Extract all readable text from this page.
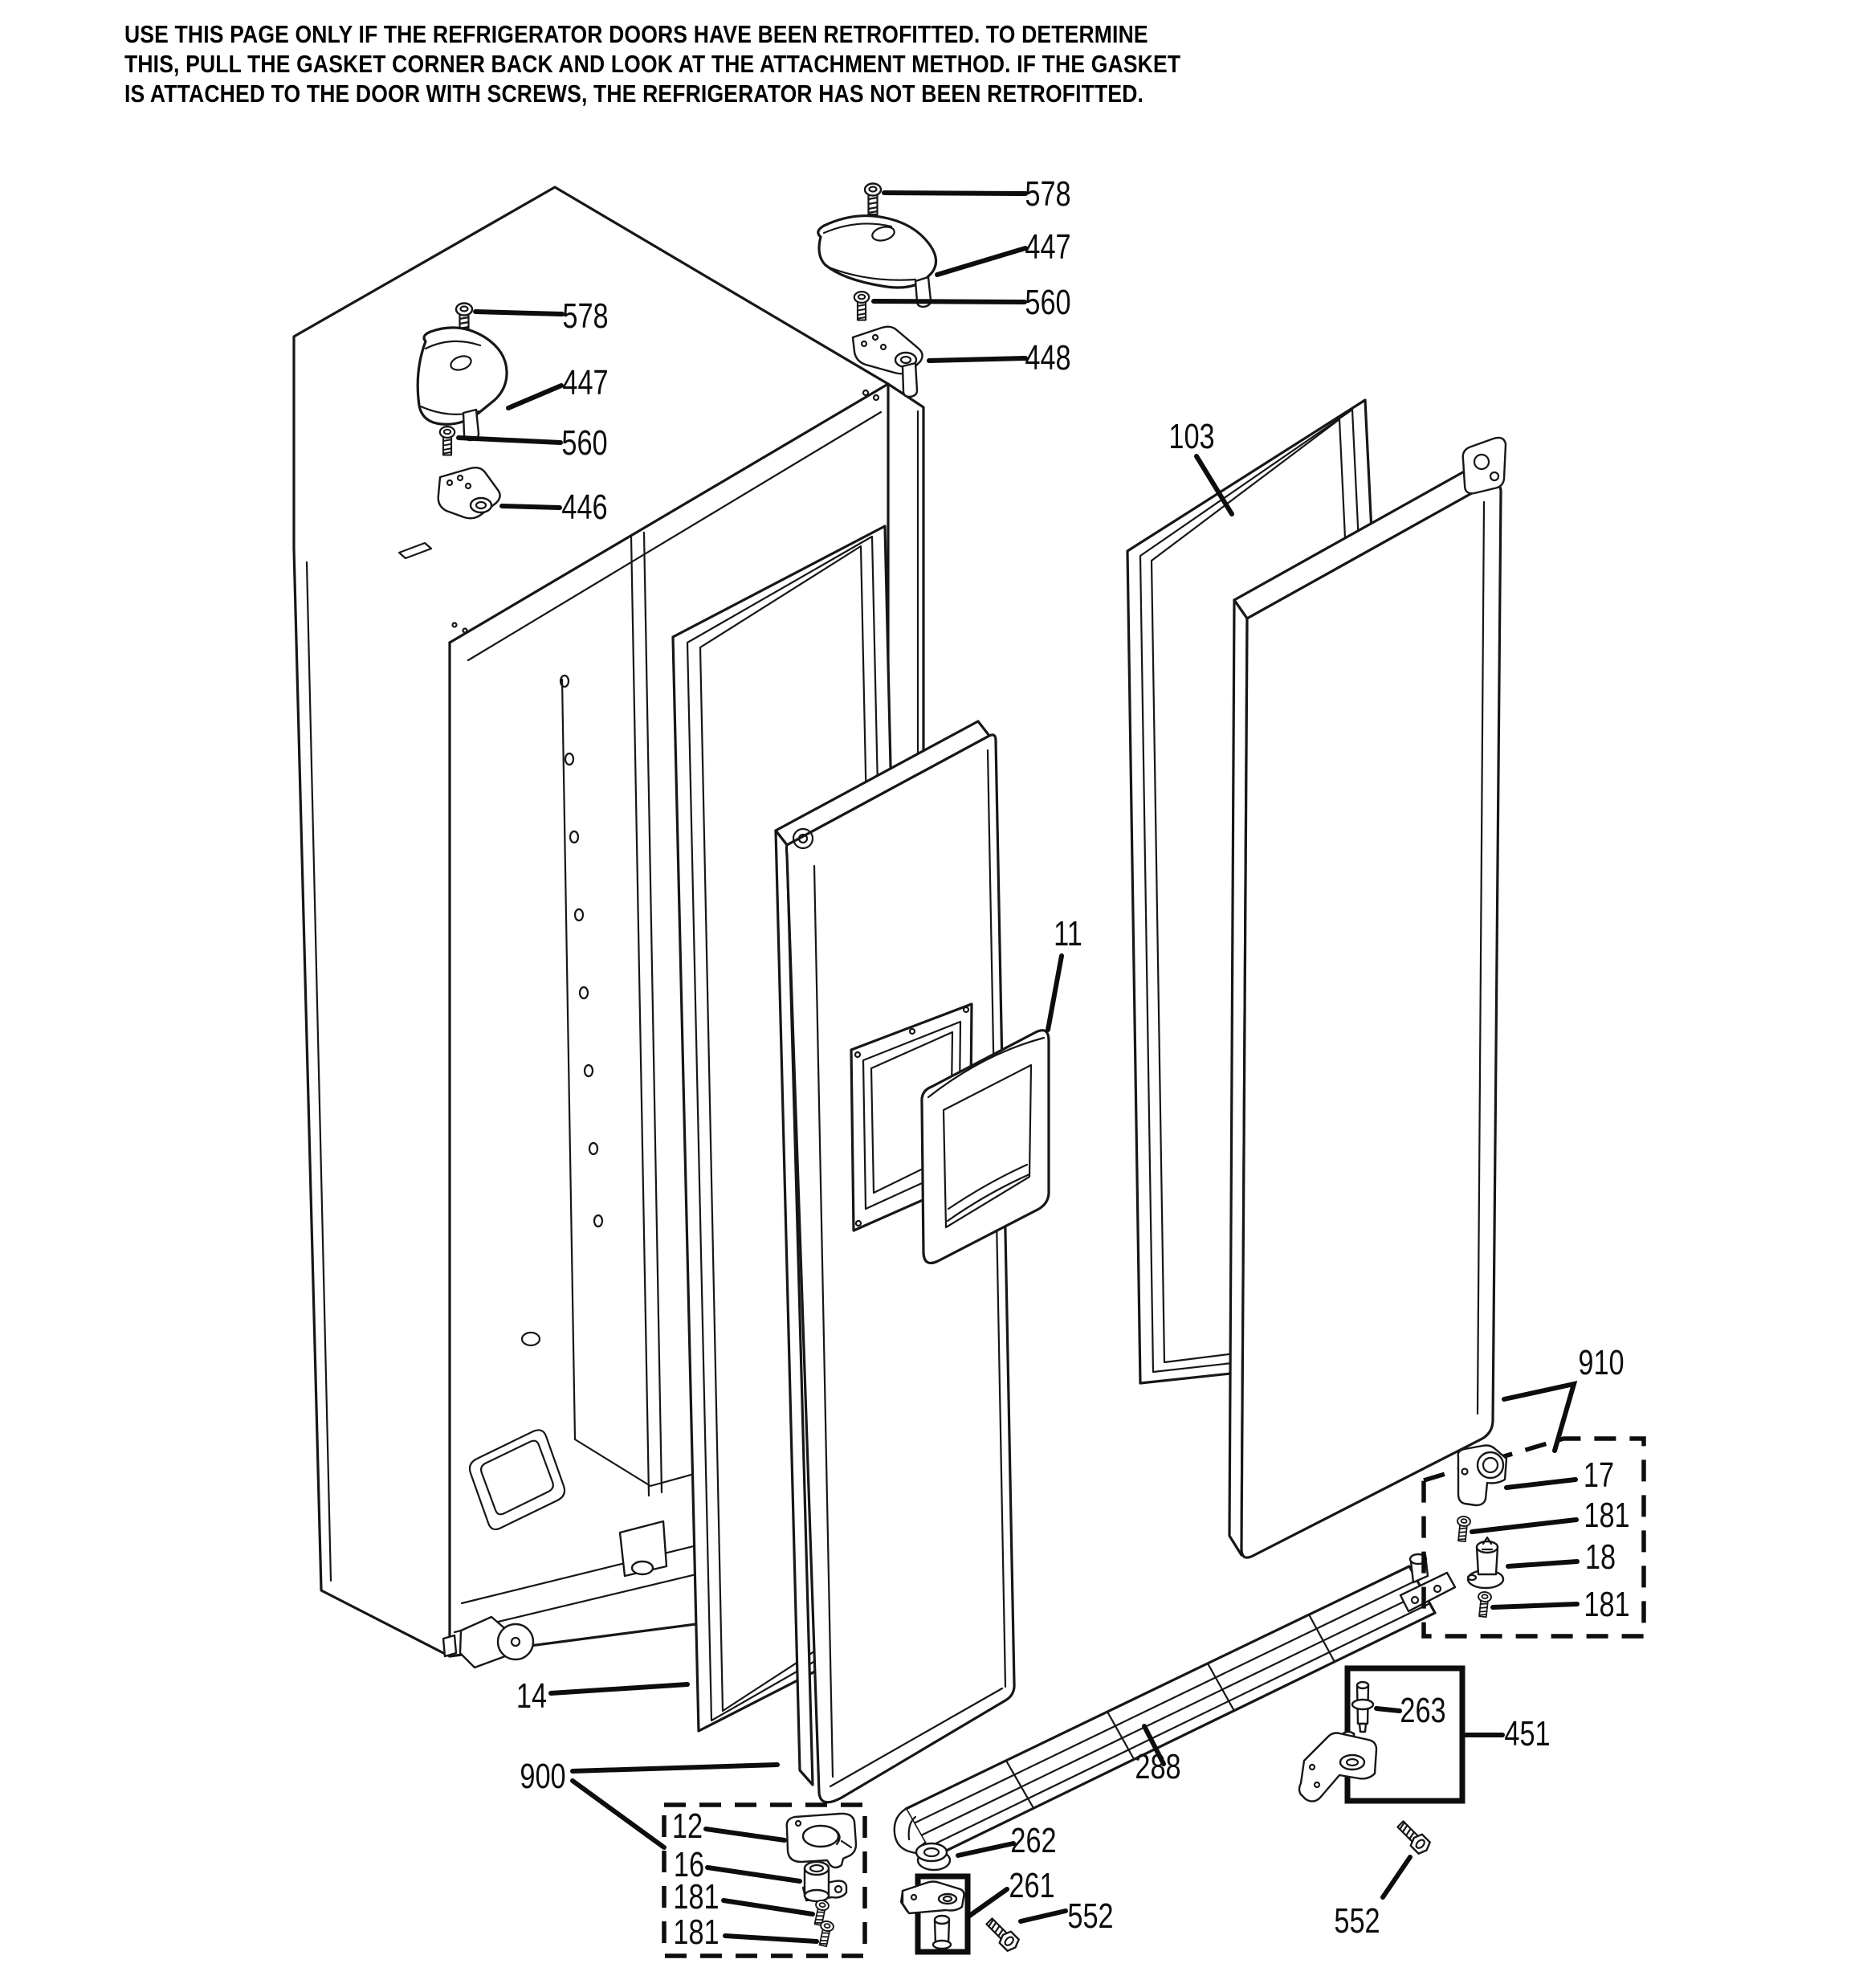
USE THIS PAGE ONLY IF THE REFRIGERATOR DOORS HAVE BEEN RETROFITTED. TO DETERMINE
THIS, PULL THE GASKET CORNER BACK AND LOOK AT THE ATTACHMENT METHOD. IF THE GASKET
IS ATTACHED TO THE DOOR WITH SCREWS, THE REFRIGERATOR HAS NOT BEEN RETROFITTED.
578
447
560
446
578
447
560
448
103
11
14
900
12
16
181
181
910
17
181
18
181
288
263
451
262
261
552	552
